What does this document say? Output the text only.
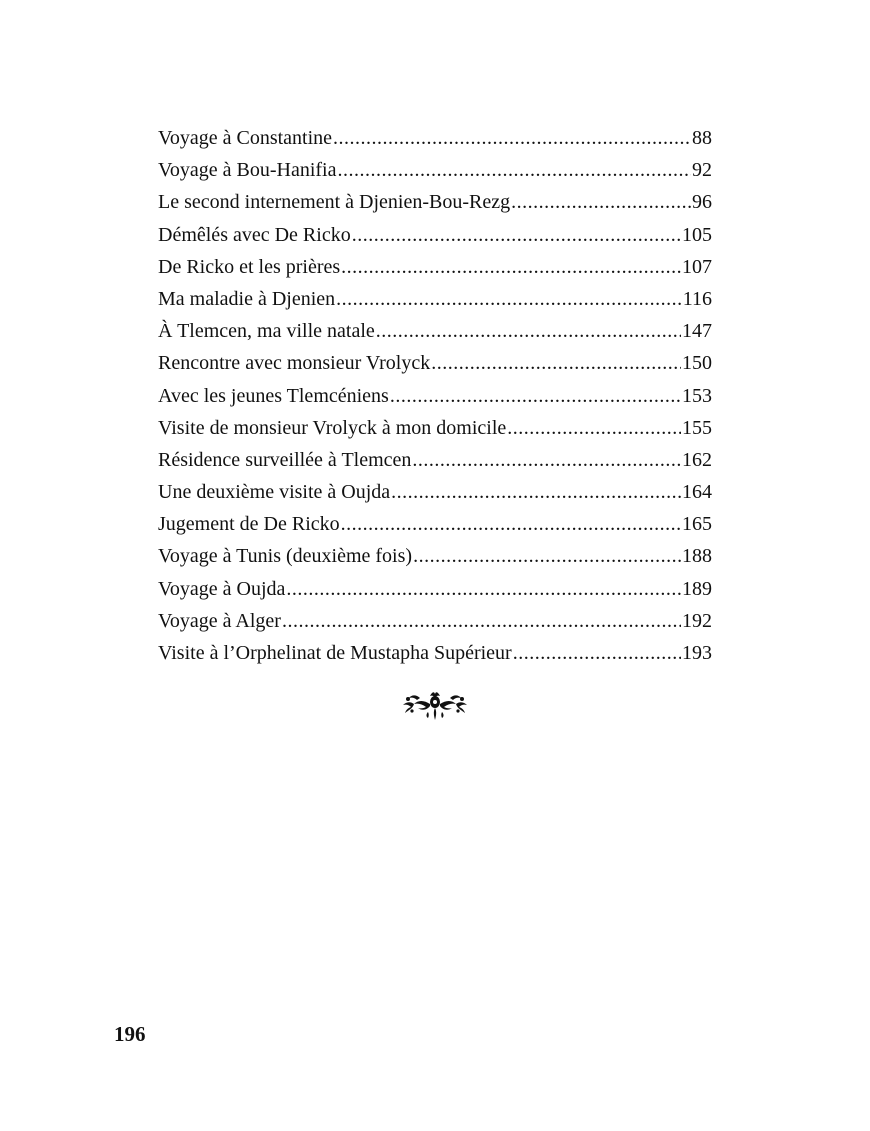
Voyage à Constantine .....	88
Voyage à Bou-Hanifia .....	92
Le second internement à Djenien-Bou-Rezg .....	96
Démêlés avec De Ricko .....	105
De Ricko et les prières .....	107
Ma maladie à Djenien .....	116
À Tlemcen, ma ville natale .....	147
Rencontre avec monsieur Vrolyck .....	150
Avec les jeunes Tlemcéniens .....	153
Visite de monsieur Vrolyck à mon domicile .....	155
Résidence surveillée à Tlemcen .....	162
Une deuxième visite à Oujda .....	164
Jugement de De Ricko .....	165
Voyage à Tunis (deuxième fois) .....	188
Voyage à Oujda .....	189
Voyage à Alger .....	192
Visite à l’Orphelinat de Mustapha Supérieur .....	193
196
